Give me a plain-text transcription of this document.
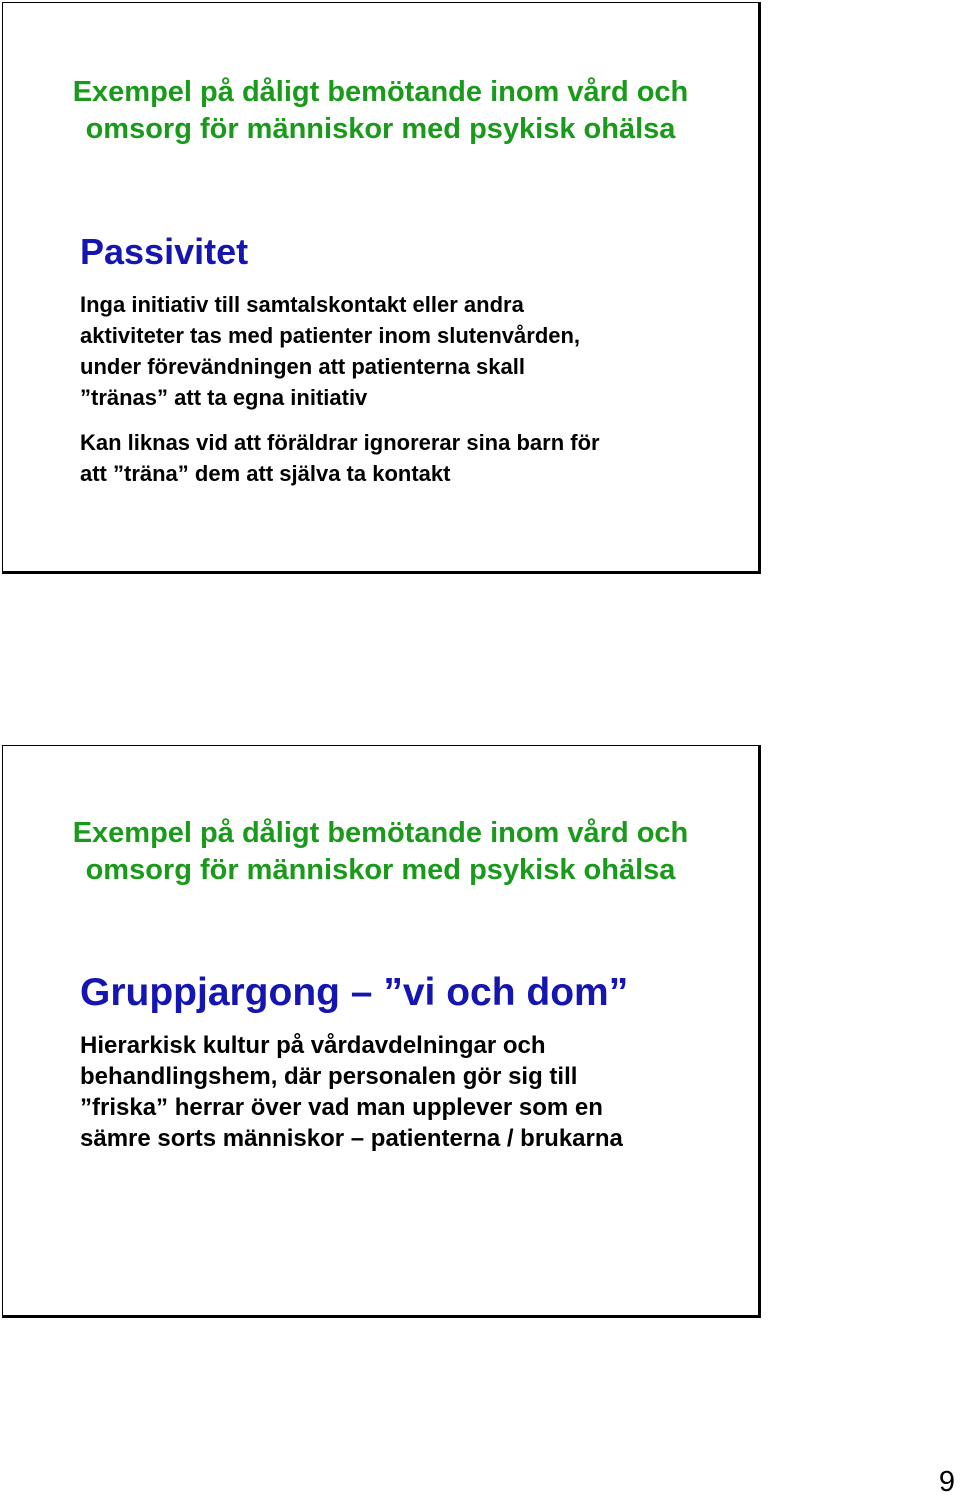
Exempel på dåligt bemötande inom vård och
omsorg för människor med psykisk ohälsa
Passivitet

Inga initiativ till samtalskontakt eller andra
aktiviteter tas med patienter inom slutenvården,
under förevändningen att patienterna skall
”tränas” att ta egna initiativ

Kan liknas vid att föräldrar ignorerar sina barn för
att ”träna” dem att själva ta kontakt

Exempel på dåligt bemötande inom vård och
omsorg för människor med psykisk ohälsa
Gruppjargong – ”vi och dom”

Hierarkisk kultur på vårdavdelningar och
behandlingshem, där personalen gör sig till
”friska” herrar över vad man upplever som en
sämre sorts människor – patienterna / brukarna

9
